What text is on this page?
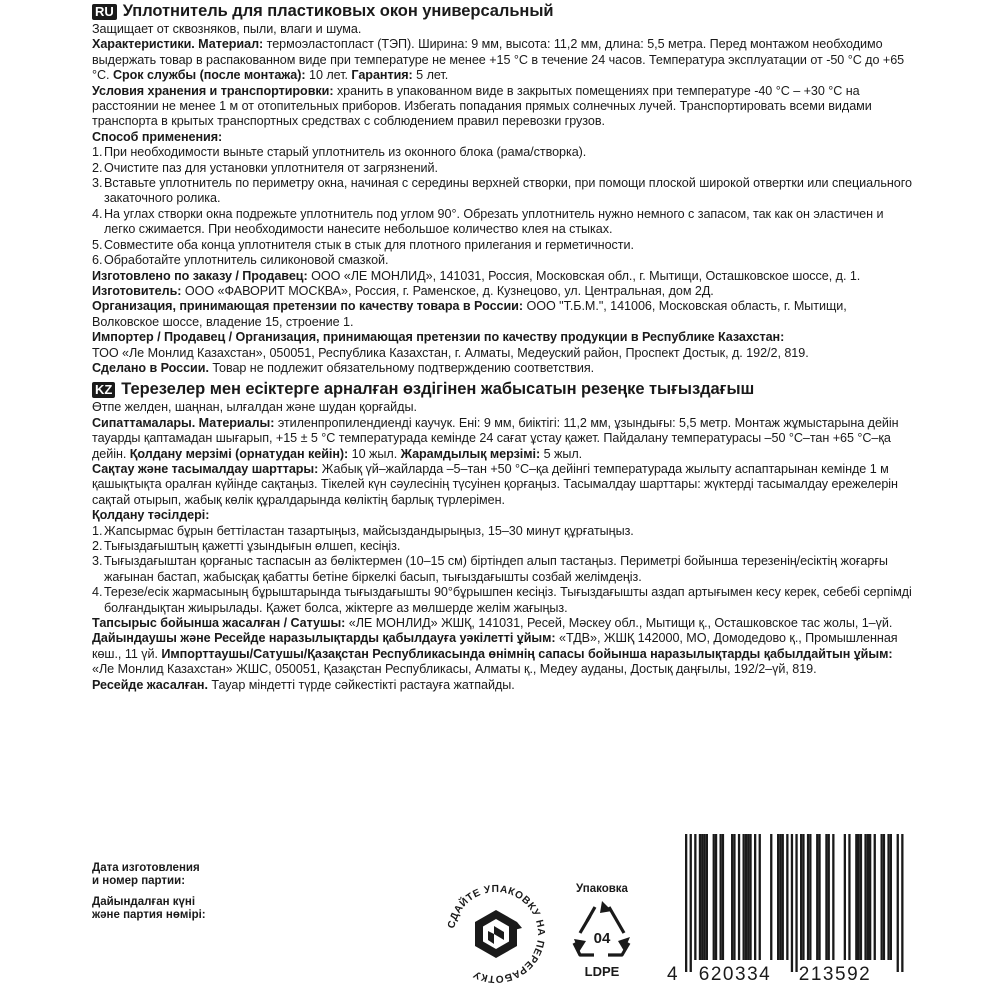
RU Уплотнитель для пластиковых окон универсальный

Защищает от сквозняков, пыли, влаги и шума.

Характеристики. Материал: термоэластопласт (ТЭП). Ширина: 9 мм, высота: 11,2 мм, длина: 5,5 метра. Перед монтажом необходимо выдержать товар в распакованном виде при температуре не менее +15 °С в течение 24 часов. Температура эксплуатации от -50 °С до +65 °С. Срок службы (после монтажа): 10 лет. Гарантия: 5 лет.

Условия хранения и транспортировки: хранить в упакованном виде в закрытых помещениях при температуре -40 °С – +30 °С на расстоянии не менее 1 м от отопительных приборов. Избегать попадания прямых солнечных лучей. Транспортировать всеми видами транспорта в крытых транспортных средствах с соблюдением правил перевозки грузов.

Способ применения:

1. При необходимости выньте старый уплотнитель из оконного блока (рама/створка).
2. Очистите паз для установки уплотнителя от загрязнений.
3. Вставьте уплотнитель по периметру окна, начиная с середины верхней створки, при помощи плоской широкой отвертки или специального закаточного ролика.
4. На углах створки окна подрежьте уплотнитель под углом 90°. Обрезать уплотнитель нужно немного с запасом, так как он эластичен и легко сжимается. При необходимости нанесите небольшое количество клея на стыках.
5. Совместите оба конца уплотнителя стык в стык для плотного прилегания и герметичности.
6. Обработайте уплотнитель силиконовой смазкой.

Изготовлено по заказу / Продавец: ООО «ЛЕ МОНЛИД», 141031, Россия, Московская обл., г. Мытищи, Осташковское шоссе, д. 1.

Изготовитель: ООО «ФАВОРИТ МОСКВА», Россия, г. Раменское, д. Кузнецово, ул. Центральная, дом 2Д.

Организация, принимающая претензии по качеству товара в России: ООО "Т.Б.М.", 141006, Московская область, г. Мытищи, Волковское шоссе, владение 15, строение 1.

Импортер / Продавец / Организация, принимающая претензии по качеству продукции в Республике Казахстан:
ТОО «Ле Монлид Казахстан», 050051, Республика Казахстан, г. Алматы, Медеуский район, Проспект Достык, д. 192/2, 819.

Сделано в России. Товар не подлежит обязательному подтверждению соответствия.

KZ Терезелер мен есіктерге арналған өздігінен жабысатын резеңке тығыздағыш

Өтпе желден, шаңнан, ылғалдан және шудан қорғайды.

Сипаттамалары. Материалы: этиленпропилендиенді каучук. Ені: 9 мм, биіктігі: 11,2 мм, ұзындығы: 5,5 метр. Монтаж жұмыстарына дейін тауарды қаптамадан шығарып, +15 ± 5 °С температурада кемінде 24 сағат ұстау қажет. Пайдалану температурасы –50 °С–тан +65 °С–қа дейін. Қолдану мерзімі (орнатудан кейін): 10 жыл. Жарамдылық мерзімі: 5 жыл.

Сақтау және тасымалдау шарттары: Жабық үй–жайларда –5–тан +50 °С–қа дейінгі температурада жылыту аспаптарынан кемінде 1 м қашықтықта оралған күйінде сақтаңыз. Тікелей күн сәулесінің түсуінен қорғаңыз. Тасымалдау шарттары: жүктерді тасымалдау ережелерін сақтай отырып, жабық көлік құралдарында көліктің барлық түрлерімен.

Қолдану тәсілдері:

1. Жапсырмас бұрын беттіластан тазартыңыз, майсыздандырыңыз, 15–30 минут құрғатыңыз.
2. Тығыздағыштың қажетті ұзындығын өлшеп, кесіңіз.
3. Тығыздағыштан қорғаныс таспасын аз бөліктермен (10–15 см) біртіндеп алып тастаңыз. Периметрі бойынша терезенің/есіктің жоғарғы жағынан бастап, жабысқақ қабатты бетіне біркелкі басып, тығыздағышты созбай желімдеңіз.
4. Терезе/есік жармасының бұрыштарында тығыздағышты 90°бұрышпен кесіңіз. Тығыздағышты аздап артығымен кесу керек, себебі серпімді болғандықтан жиырылады. Қажет болса, жіктерге аз мөлшерде желім жағыңыз.

Тапсырыс бойынша жасалған / Сатушы: «ЛЕ МОНЛИД» ЖШҚ, 141031, Ресей, Мәскеу обл., Мытищи қ., Осташковское тас жолы, 1–үй. Дайындаушы және Ресейде наразылықтарды қабылдауға уәкілетті ұйым: «ТДВ», ЖШҚ 142000, МО, Домодедово қ., Промышленная көш., 11 үй. Импорттаушы/Сатушы/Қазақстан Республикасында өнімнің сапасы бойынша наразылықтарды қабылдайтын ұйым: «Ле Монлид Казахстан» ЖШС, 050051, Қазақстан Республикасы, Алматы қ., Медеу ауданы, Достық даңғылы, 192/2–үй, 819.

Ресейде жасалған. Тауар міндетті түрде сәйкестікті растауға жатпайды.

Дата изготовления
и номер партии:

Дайындалған күні
және партия нөмірі:

СДАЙТЕ УПАКОВКУ НА ПЕРЕРАБОТКУ
Упаковка
04
LDPE	4 620334 213592
